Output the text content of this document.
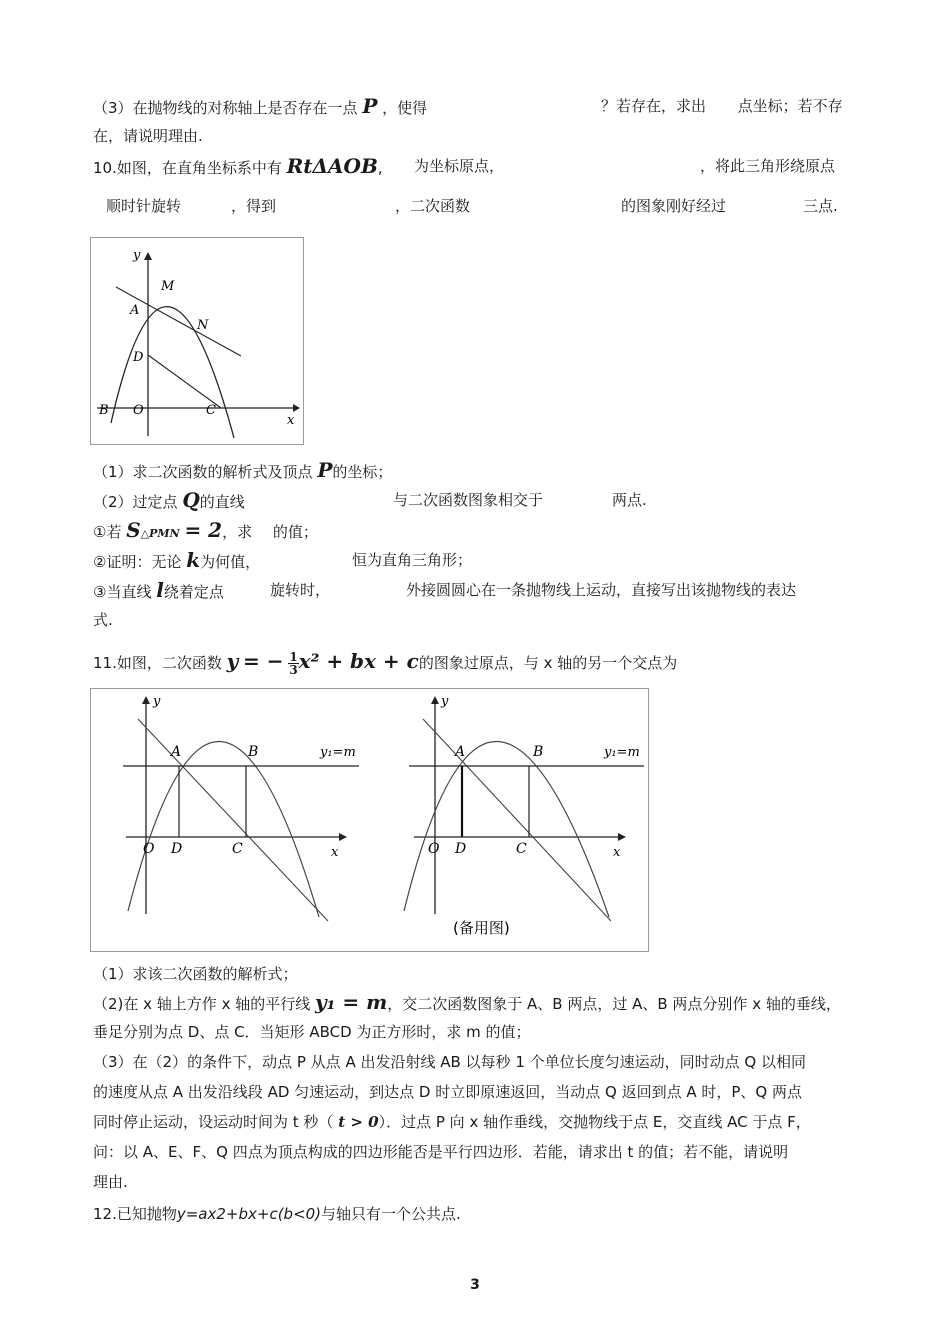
（3）在抛物线的对称轴上是否存在一点 P ，使得	？若存在，求出 点坐标；若不存
在，请说明理由.
10.如图，在直角坐标系中有 RtΔAOB, 为坐标原点，	，将此三角形绕原点
顺时针旋转	，得到	，二次函数	的图象刚好经过	三点.
y
x
M
A
N
D
B O	C
（1）求二次函数的解析式及顶点 P的坐标；
（2）过定点 Q的直线	与二次函数图象相交于	两点.
①若 S△PMN = 2，求 的值；
②证明：无论 k为何值，	恒为直角三角形；
③当直线 l绕着定点	旋转时，	外接圆圆心在一条抛物线上运动，直接写出该抛物线的表达
式.
11.如图，二次函数 y = − $\frac{1}{3} x^2$ + bx + c的图象过原点，与 x 轴的另一个交点为
y
x
A	B	y₁=m
O D	C
y
x
A	B	y₁=m
O D	C
(备用图)
（1）求该二次函数的解析式；
（2)在 x 轴上方作 x 轴的平行线 y₁ = m，交二次函数图象于 A、B 两点，过 A、B 两点分别作 x 轴的垂线，
垂足分别为点 D、点 C．当矩形 ABCD 为正方形时，求 m 的值；
（3）在（2）的条件下，动点 P 从点 A 出发沿射线 AB 以每秒 1 个单位长度匀速运动，同时动点 Q 以相同
的速度从点 A 出发沿线段 AD 匀速运动，到达点 D 时立即原速返回，当动点 Q 返回到点 A 时，P、Q 两点
同时停止运动，设运动时间为 t 秒（ t > 0）．过点 P 向 x 轴作垂线，交抛物线于点 E，交直线 AC 于点 F，
问：以 A、E、F、Q 四点为顶点构成的四边形能否是平行四边形．若能，请求出 t 的值；若不能，请说明
理由.
12.已知抛物y=ax2+bx+c(b<0)与轴只有一个公共点.
3
